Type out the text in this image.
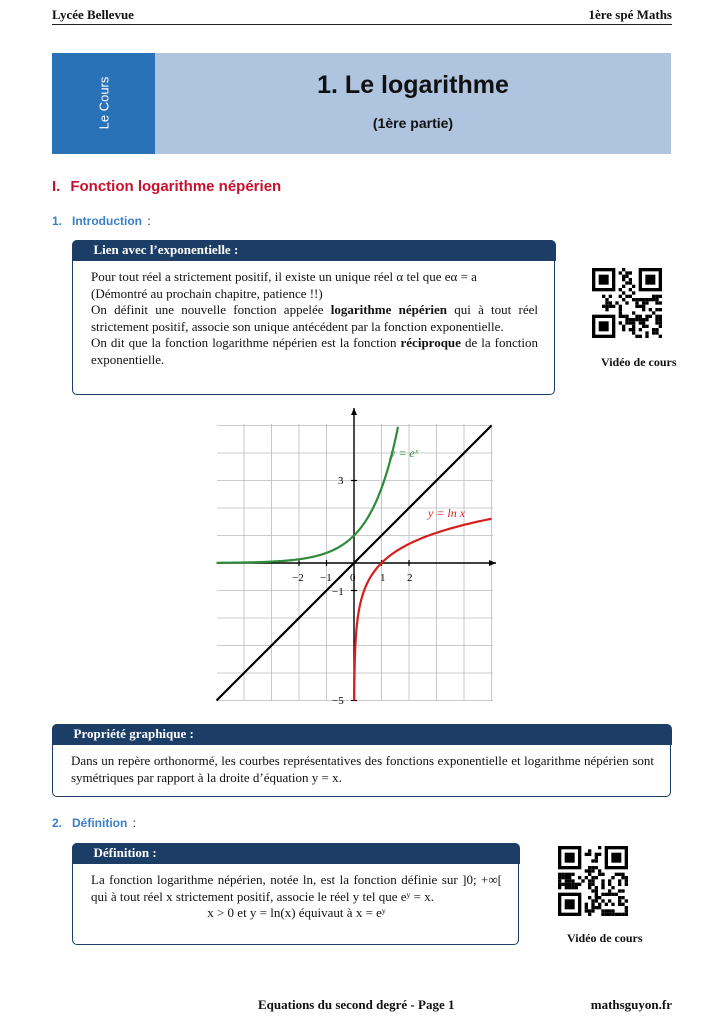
Lycée Bellevue	1ère spé Maths
Le Cours	1. Le logarithme
(1ère partie)
I. Fonction logarithme népérien
1. Introduction :
Lien avec l’exponentielle :

Pour tout réel a strictement positif, il existe un unique réel α tel que eα = a

(Démontré au prochain chapitre, patience !!)

On définit une nouvelle fonction appelée logarithme népérien qui à tout réel strictement positif, associe son unique antécédent par la fonction exponentielle.

On dit que la fonction logarithme népérien est la fonction réciproque de la fonction exponentielle.	Vidéo de cours
y = eˣ
y = ln x
−2 −1 0 1 2
3
−1
−5
Propriété graphique :

Dans un repère orthonormé, les courbes représentatives des fonctions exponentielle et logarithme népérien sont symétriques par rapport à la droite d’équation y = x.

2. Définition :
Définition :

La fonction logarithme népérien, notée ln, est la fonction définie sur ]0; +∞[ qui à tout réel x strictement positif, associe le réel y tel que eʸ = x.

x > 0 et y = ln(x) équivaut à x = eʸ

Vidéo de cours
Equations du second degré - Page 1	mathsguyon.fr
